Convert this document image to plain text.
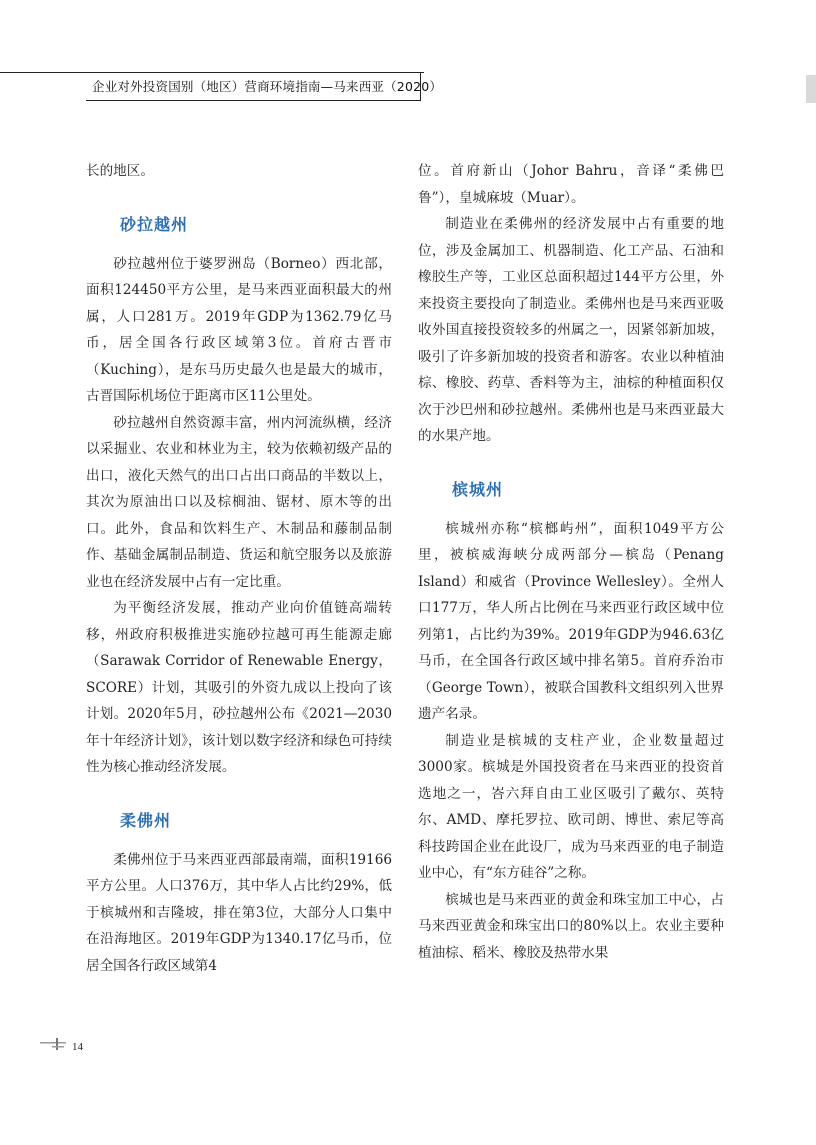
企业对外投资国别（地区）营商环境指南—马来西亚（2020）

长的地区。

砂拉越州

砂拉越州位于婆罗洲岛（Borneo）西北部，面积124450平方公里，是马来西亚面积最大的州属，人口281万。2019年GDP为1362.79亿马币，居全国各行政区域第3位。首府古晋市（Kuching），是东马历史最久也是最大的城市，古晋国际机场位于距离市区11公里处。

砂拉越州自然资源丰富，州内河流纵横，经济以采掘业、农业和林业为主，较为依赖初级产品的出口，液化天然气的出口占出口商品的半数以上，其次为原油出口以及棕榈油、锯材、原木等的出口。此外，食品和饮料生产、木制品和藤制品制作、基础金属制品制造、货运和航空服务以及旅游业也在经济发展中占有一定比重。

为平衡经济发展，推动产业向价值链高端转移，州政府积极推进实施砂拉越可再生能源走廊（Sarawak Corridor of Renewable Energy，SCORE）计划，其吸引的外资九成以上投向了该计划。2020年5月，砂拉越州公布《2021—2030年十年经济计划》，该计划以数字经济和绿色可持续性为核心推动经济发展。

柔佛州

柔佛州位于马来西亚西部最南端，面积19166平方公里。人口376万，其中华人占比约29%，低于槟城州和吉隆坡，排在第3位，大部分人口集中在沿海地区。2019年GDP为1340.17亿马币，位居全国各行政区域第4

位。首府新山（Johor Bahru，音译“柔佛巴鲁”），皇城麻坡（Muar）。

制造业在柔佛州的经济发展中占有重要的地位，涉及金属加工、机器制造、化工产品、石油和橡胶生产等，工业区总面积超过144平方公里，外来投资主要投向了制造业。柔佛州也是马来西亚吸收外国直接投资较多的州属之一，因紧邻新加坡，吸引了许多新加坡的投资者和游客。农业以种植油棕、橡胶、药草、香料等为主，油棕的种植面积仅次于沙巴州和砂拉越州。柔佛州也是马来西亚最大的水果产地。

槟城州

槟城州亦称“槟榔屿州”，面积1049平方公里，被槟威海峡分成两部分—槟岛（Penang Island）和威省（Province Wellesley）。全州人口177万，华人所占比例在马来西亚行政区域中位列第1，占比约为39%。2019年GDP为946.63亿马币，在全国各行政区域中排名第5。首府乔治市（George Town），被联合国教科文组织列入世界遗产名录。

制造业是槟城的支柱产业，企业数量超过3000家。槟城是外国投资者在马来西亚的投资首选地之一，峇六拜自由工业区吸引了戴尔、英特尔、AMD、摩托罗拉、欧司朗、博世、索尼等高科技跨国企业在此设厂，成为马来西亚的电子制造业中心，有“东方硅谷”之称。

槟城也是马来西亚的黄金和珠宝加工中心，占马来西亚黄金和珠宝出口的80%以上。农业主要种植油棕、稻米、橡胶及热带水果

14
